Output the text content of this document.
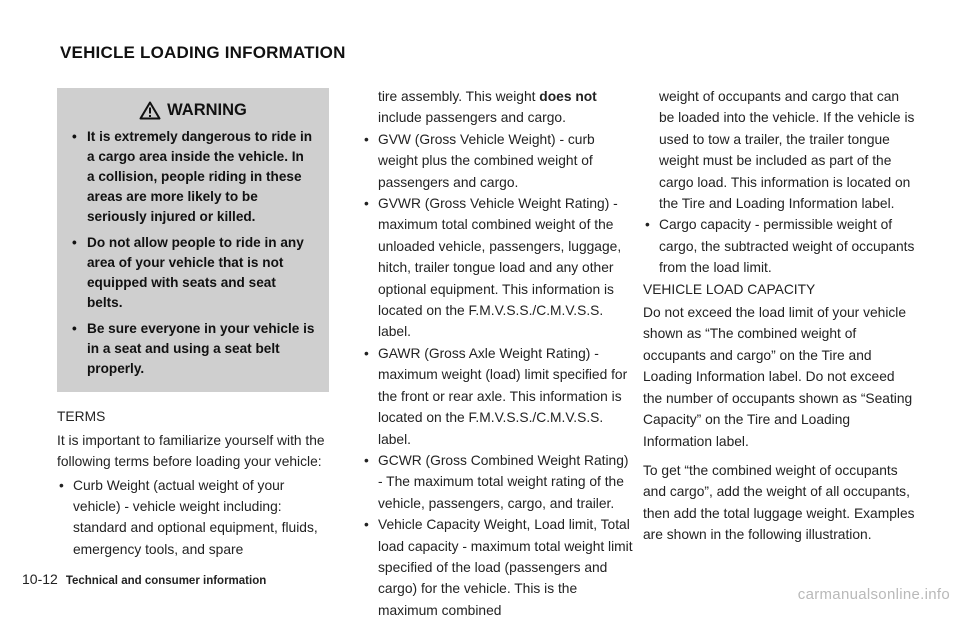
VEHICLE LOADING INFORMATION
WARNING
• It is extremely dangerous to ride in a cargo area inside the vehicle. In a collision, people riding in these areas are more likely to be seriously injured or killed.
• Do not allow people to ride in any area of your vehicle that is not equipped with seats and seat belts.
• Be sure everyone in your vehicle is in a seat and using a seat belt properly.

TERMS

It is important to familiarize yourself with the following terms before loading your vehicle:

• Curb Weight (actual weight of your vehicle) - vehicle weight including: standard and optional equipment, fluids, emergency tools, and spare

tire assembly. This weight does not include passengers and cargo.

• GVW (Gross Vehicle Weight) - curb weight plus the combined weight of passengers and cargo.
• GVWR (Gross Vehicle Weight Rating) - maximum total combined weight of the unloaded vehicle, passengers, luggage, hitch, trailer tongue load and any other optional equipment. This information is located on the F.M.V.S.S./C.M.V.S.S. label.
• GAWR (Gross Axle Weight Rating) - maximum weight (load) limit specified for the front or rear axle. This information is located on the F.M.V.S.S./C.M.V.S.S. label.
• GCWR (Gross Combined Weight Rating) - The maximum total weight rating of the vehicle, passengers, cargo, and trailer.
• Vehicle Capacity Weight, Load limit, Total load capacity - maximum total weight limit specified of the load (passengers and cargo) for the vehicle. This is the maximum combined

weight of occupants and cargo that can be loaded into the vehicle. If the vehicle is used to tow a trailer, the trailer tongue weight must be included as part of the cargo load. This information is located on the Tire and Loading Information label.

• Cargo capacity - permissible weight of cargo, the subtracted weight of occupants from the load limit.

VEHICLE LOAD CAPACITY

Do not exceed the load limit of your vehicle shown as “The combined weight of occupants and cargo” on the Tire and Loading Information label. Do not exceed the number of occupants shown as “Seating Capacity” on the Tire and Loading Information label.

To get “the combined weight of occupants and cargo”, add the weight of all occupants, then add the total luggage weight. Examples are shown in the following illustration.

10-12 Technical and consumer information
carmanualsonline.info
